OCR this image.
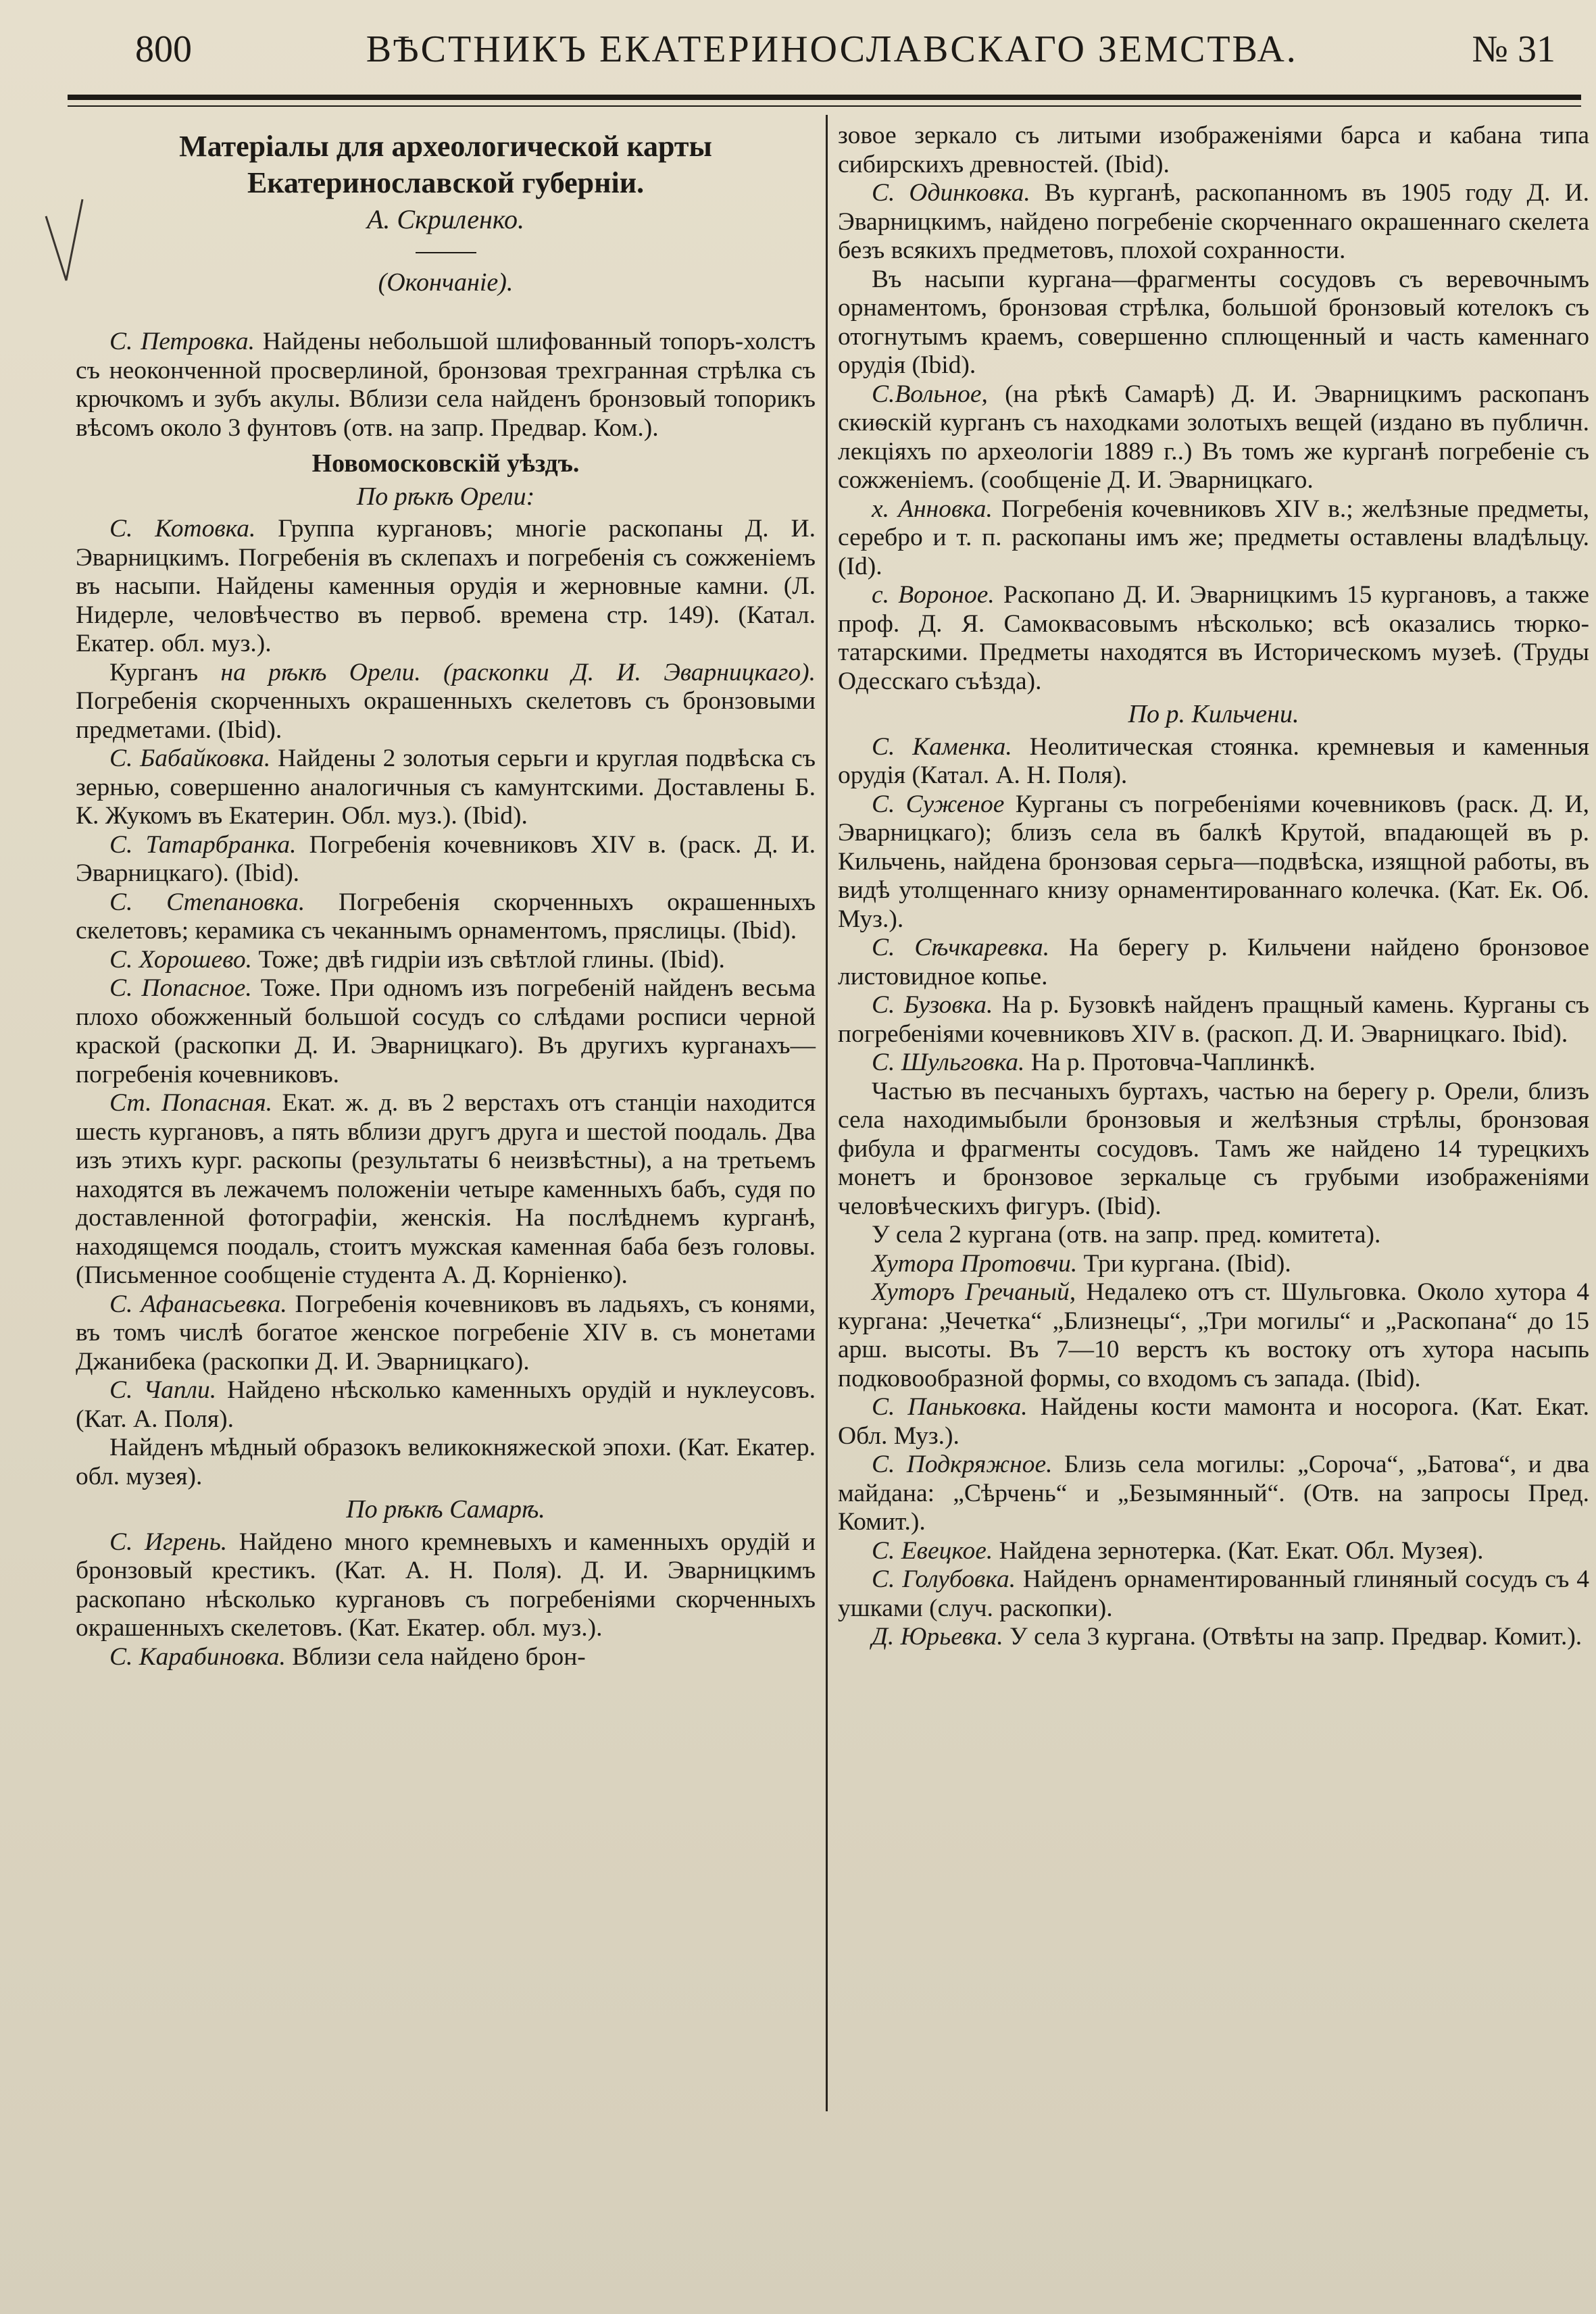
800	ВѢСТНИКЪ ЕКАТЕРИНОСЛАВСКАГО ЗЕМСТВА.	№ 31
Матеріалы для археологической карты
Екатеринославской губерніи.
А. Скриленко.
(Окончаніе).

С. Петровка. Найдены небольшой шлифованный топоръ-холстъ съ неоконченной просверлиной, бронзовая трехгранная стрѣлка съ крючкомъ и зубъ акулы. Вблизи села найденъ бронзовый топорикъ вѣсомъ около 3 фунтовъ (отв. на запр. Предвар. Ком.).

Новомосковскій уѣздъ.
По рѣкѣ Орели:

С. Котовка. Группа кургановъ; многіе раскопаны Д. И. Эварницкимъ. Погребенія въ склепахъ и погребенія съ сожженіемъ въ насыпи. Найдены каменныя орудія и жерновные камни. (Л. Нидерле, человѣчество въ первоб. времена стр. 149). (Катал. Екатер. обл. муз.).

Курганъ на рѣкѣ Орели. (раскопки Д. И. Эварницкаго). Погребенія скорченныхъ окрашенныхъ скелетовъ съ бронзовыми предметами. (Ibid).

С. Бабайковка. Найдены 2 золотыя серьги и круглая подвѣска съ зернью, совершенно аналогичныя съ камунтскими. Доставлены Б. К. Жукомъ въ Екатерин. Обл. муз.). (Ibid).

С. Татарбранка. Погребенія кочевниковъ XIV в. (раск. Д. И. Эварницкаго). (Ibid).

С. Степановка. Погребенія скорченныхъ окрашенныхъ скелетовъ; керамика съ чеканнымъ орнаментомъ, пряслицы. (Ibid).

С. Хорошево. Тоже; двѣ гидріи изъ свѣтлой глины. (Ibid).

С. Попасное. Тоже. При одномъ изъ погребеній найденъ весьма плохо обожженный большой сосудъ со слѣдами росписи черной краской (раскопки Д. И. Эварницкаго). Въ другихъ курганахъ—погребенія кочевниковъ.

Ст. Попасная. Екат. ж. д. въ 2 верстахъ отъ станціи находится шесть кургановъ, а пять вблизи другъ друга и шестой поодаль. Два изъ этихъ кург. раскопы (результаты 6 неизвѣстны), а на третьемъ находятся въ лежачемъ положеніи четыре каменныхъ бабъ, судя по доставленной фотографіи, женскія. На послѣднемъ курганѣ, находящемся поодаль, стоитъ мужская каменная баба безъ головы. (Письменное сообщеніе студента А. Д. Корніенко).

С. Афанасьевка. Погребенія кочевниковъ въ ладьяхъ, съ конями, въ томъ числѣ богатое женское погребеніе XIV в. съ монетами Джанибека (раскопки Д. И. Эварницкаго).

С. Чапли. Найдено нѣсколько каменныхъ орудій и нуклеусовъ. (Кат. А. Поля).

Найденъ мѣдный образокъ великокняжеской эпохи. (Кат. Екатер. обл. музея).

По рѣкѣ Самарѣ.

С. Игрень. Найдено много кремневыхъ и каменныхъ орудій и бронзовый крестикъ. (Кат. А. Н. Поля). Д. И. Эварницкимъ раскопано нѣсколько кургановъ съ погребеніями скорченныхъ окрашенныхъ скелетовъ. (Кат. Екатер. обл. муз.).

С. Карабиновка. Вблизи села найдено брон-

зовое зеркало съ литыми изображеніями барса и кабана типа сибирскихъ древностей. (Ibid).

С. Одинковка. Въ курганѣ, раскопанномъ въ 1905 году Д. И. Эварницкимъ, найдено погребеніе скорченнаго окрашеннаго скелета безъ всякихъ предметовъ, плохой сохранности.

Въ насыпи кургана—фрагменты сосудовъ съ веревочнымъ орнаментомъ, бронзовая стрѣлка, большой бронзовый котелокъ съ отогнутымъ краемъ, совершенно сплющенный и часть каменнаго орудія (Ibid).

С.Вольное, (на рѣкѣ Самарѣ) Д. И. Эварницкимъ раскопанъ скиѳскій курганъ съ находками золотыхъ вещей (издано въ публичн. лекціяхъ по археологіи 1889 г..) Въ томъ же курганѣ погребеніе съ сожженіемъ. (сообщеніе Д. И. Эварницкаго.

х. Анновка. Погребенія кочевниковъ XIV в.; желѣзные предметы, серебро и т. п. раскопаны имъ же; предметы оставлены владѣльцу. (Id).

с. Вороное. Раскопано Д. И. Эварницкимъ 15 кургановъ, а также проф. Д. Я. Самоквасовымъ нѣсколько; всѣ оказались тюрко-татарскими. Предметы находятся въ Историческомъ музеѣ. (Труды Одесскаго съѣзда).

По р. Кильчени.

С. Каменка. Неолитическая стоянка. кремневыя и каменныя орудія (Катал. А. Н. Поля).

С. Суженое Курганы съ погребеніями кочевниковъ (раск. Д. И, Эварницкаго); близъ села въ балкѣ Крутой, впадающей въ р. Кильчень, найдена бронзовая серьга—подвѣска, изящной работы, въ видѣ утолщеннаго книзу орнаментированнаго колечка. (Кат. Ек. Об. Муз.).

С. Сѣчкаревка. На берегу р. Кильчени найдено бронзовое листовидное копье.

С. Бузовка. На р. Бузовкѣ найденъ пращный камень. Курганы съ погребеніями кочевниковъ XIV в. (раскоп. Д. И. Эварницкаго. Ibid).

С. Шульговка. На р. Протовча-Чаплинкѣ.

Частью въ песчаныхъ буртахъ, частью на берегу р. Орели, близъ села находимыбыли бронзовыя и желѣзныя стрѣлы, бронзовая фибула и фрагменты сосудовъ. Тамъ же найдено 14 турецкихъ монетъ и бронзовое зеркальце съ грубыми изображеніями человѣческихъ фигуръ. (Ibid).

У села 2 кургана (отв. на запр. пред. комитета).

Хутора Протовчи. Три кургана. (Ibid).

Хуторъ Гречаный, Недалеко отъ ст. Шульговка. Около хутора 4 кургана: „Чечетка“ „Близнецы“, „Три могилы“ и „Раскопана“ до 15 арш. высоты. Въ 7—10 верстъ къ востоку отъ хутора насыпь подковообразной формы, со входомъ съ запада. (Ibid).

С. Паньковка. Найдены кости мамонта и носорога. (Кат. Екат. Обл. Муз.).

С. Подкряжное. Близь села могилы: „Сорочa“, „Батова“, и два майдана: „Сѣрчень“ и „Безымянный“. (Отв. на запросы Пред. Комит.).

С. Евецкое. Найдена зернотерка. (Кат. Екат. Обл. Музея).

С. Голубовка. Найденъ орнаментированный глиняный сосудъ съ 4 ушками (случ. раскопки).

Д. Юрьевка. У села 3 кургана. (Отвѣты на запр. Предвар. Комит.).
